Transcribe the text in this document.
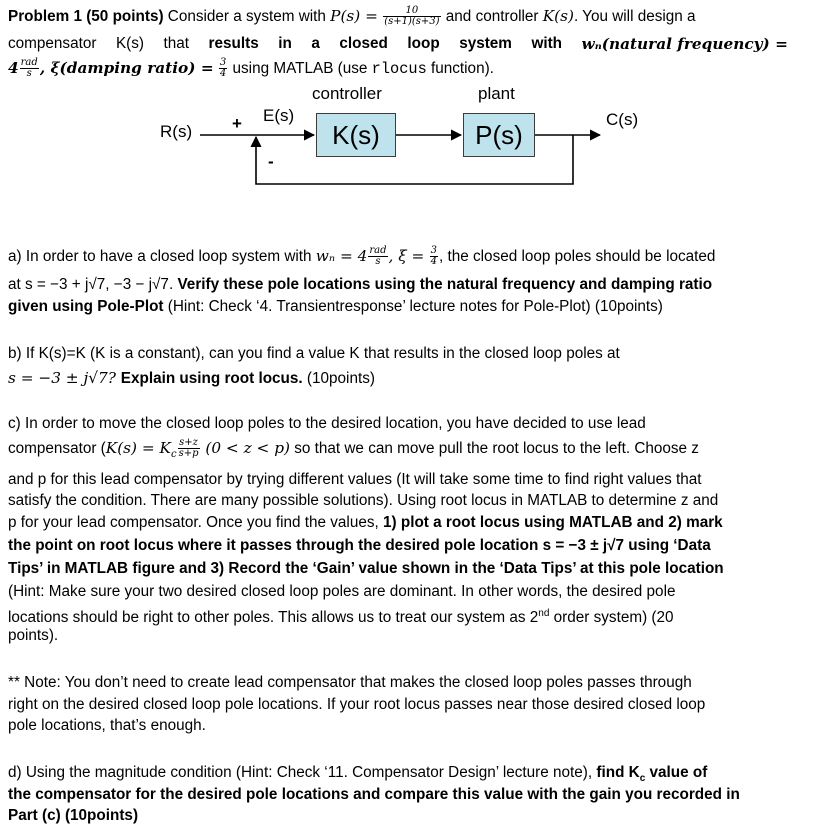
Problem 1 (50 points) Consider a system with $P(s) = \frac{10}{(s+1)(s+3)}$ and controller K(s). You will design a
compensator K(s) that results in a closed loop system with wₙ(natural frequency) =
$4 \frac{\text{rad}}{s}$ , ξ(damping ratio) = $\frac{3}{4}$ using MATLAB (use rlocus function).
controller	plant
R(s)
E(s)
+
-
C(s)
K(s)	P(s)
a) In order to have a closed loop system with $w_n = 4 \frac{\text{rad}}{s}$ , $\xi = \frac{3}{4}$ , the closed loop poles should be located
at s = −3 + j√7, −3 − j√7. Verify these pole locations using the natural frequency and damping ratio
given using Pole-Plot (Hint: Check ‘4. Transientresponse’ lecture notes for Pole-Plot) (10points)
b) If K(s)=K (K is a constant), can you find a value K that results in the closed loop poles at
s = −3 ± j√7? Explain using root locus. (10points)
c) In order to move the closed loop poles to the desired location, you have decided to use lead
compensator ($K(s) = K_c \frac{s+z}{s+p} (0 < z < p)$ so that we can move pull the root locus to the left. Choose z
and p for this lead compensator by trying different values (It will take some time to find right values that
satisfy the condition. There are many possible solutions). Using root locus in MATLAB to determine z and
p for your lead compensator. Once you find the values, 1) plot a root locus using MATLAB and 2) mark
the point on root locus where it passes through the desired pole location s = −3 ± j√7 using ‘Data
Tips’ in MATLAB figure and 3) Record the ‘Gain’ value shown in the ‘Data Tips’ at this pole location
(Hint: Make sure your two desired closed loop poles are dominant. In other words, the desired pole
locations should be right to other poles. This allows us to treat our system as 2nd order system) (20
points).
** Note: You don’t need to create lead compensator that makes the closed loop poles passes through
right on the desired closed loop pole locations. If your root locus passes near those desired closed loop
pole locations, that’s enough.
d) Using the magnitude condition (Hint: Check ‘11. Compensator Design’ lecture note), find $K_c$ value of
the compensator for the desired pole locations and compare this value with the gain you recorded in
Part (c) (10points)
